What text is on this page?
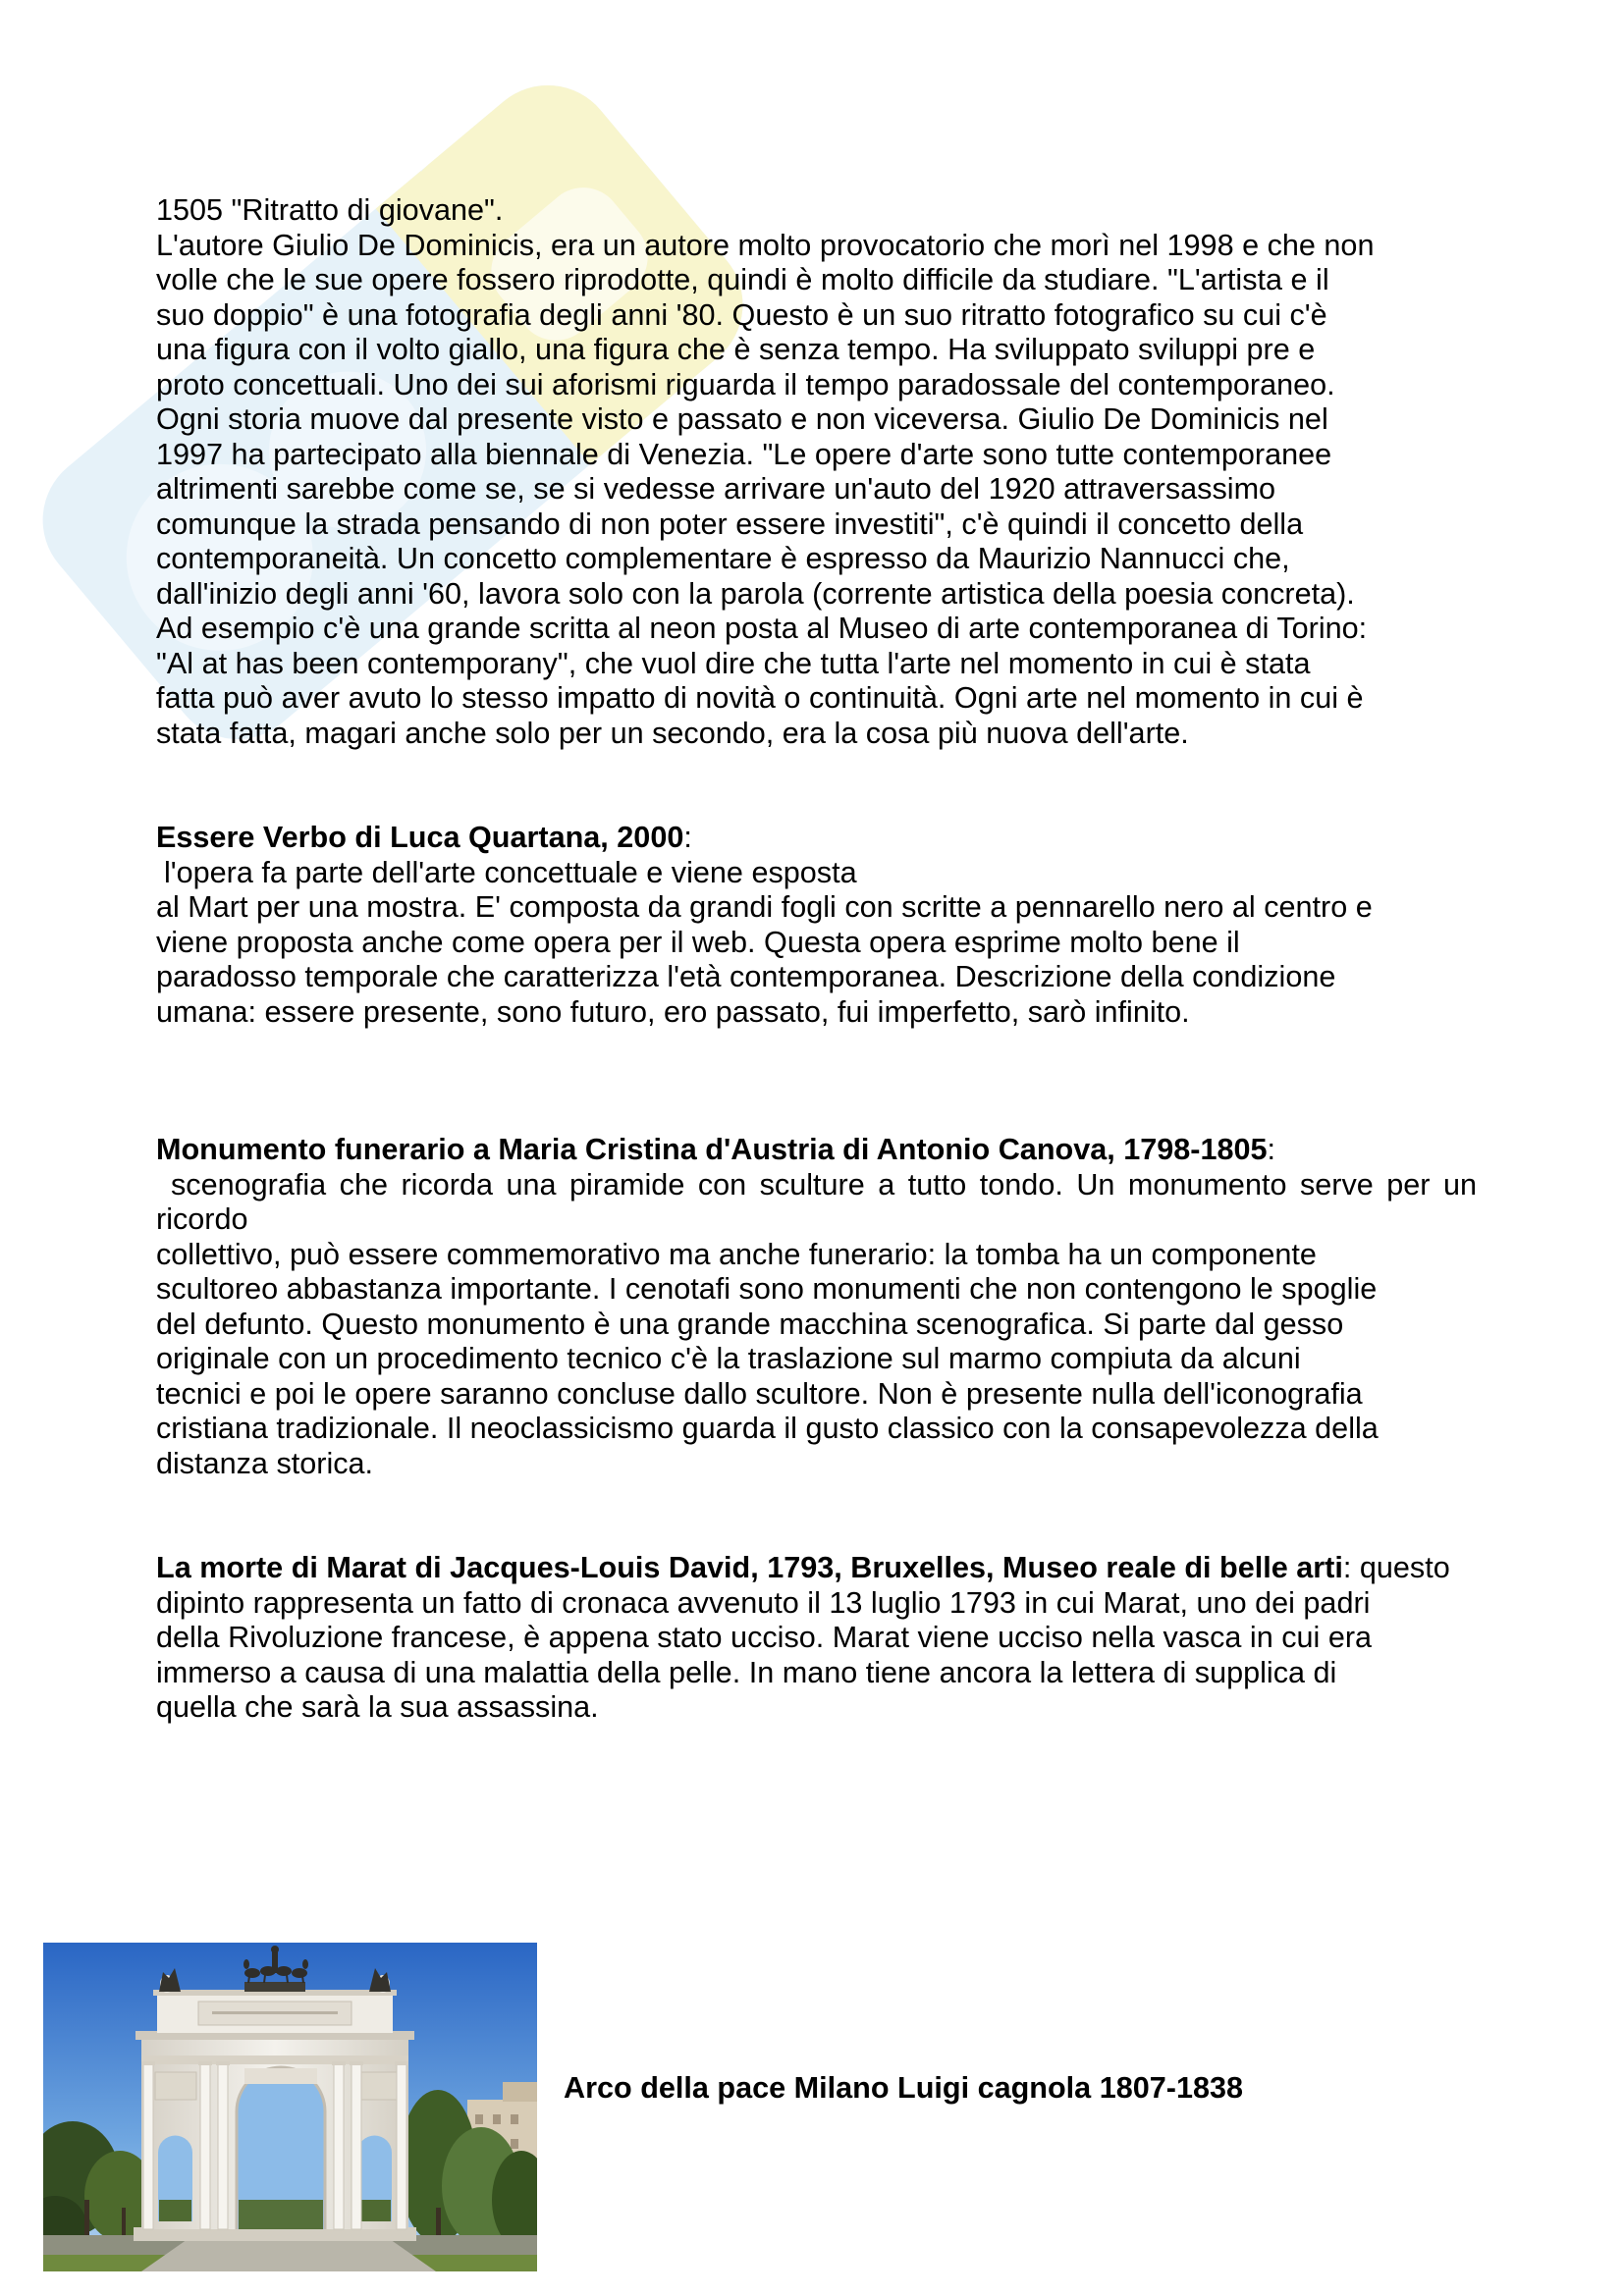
1505 "Ritratto di giovane".
L'autore Giulio De Dominicis, era un autore molto provocatorio che morì nel 1998 e che non
volle che le sue opere fossero riprodotte, quindi è molto difficile da studiare. "L'artista e il
suo doppio" è una fotografia degli anni '80. Questo è un suo ritratto fotografico su cui c'è
una figura con il volto giallo, una figura che è senza tempo. Ha sviluppato sviluppi pre e
proto concettuali. Uno dei sui aforismi riguarda il tempo paradossale del contemporaneo.
Ogni storia muove dal presente visto e passato e non viceversa. Giulio De Dominicis nel
1997 ha partecipato alla biennale di Venezia. "Le opere d'arte sono tutte contemporanee
altrimenti sarebbe come se, se si vedesse arrivare un'auto del 1920 attraversassimo
comunque la strada pensando di non poter essere investiti", c'è quindi il concetto della
contemporaneità. Un concetto complementare è espresso da Maurizio Nannucci che,
dall'inizio degli anni '60, lavora solo con la parola (corrente artistica della poesia concreta).
Ad esempio c'è una grande scritta al neon posta al Museo di arte contemporanea di Torino:
"Al at has been contemporany", che vuol dire che tutta l'arte nel momento in cui è stata
fatta può aver avuto lo stesso impatto di novità o continuità. Ogni arte nel momento in cui è
stata fatta, magari anche solo per un secondo, era la cosa più nuova dell'arte.
Essere Verbo di Luca Quartana, 2000:
l'opera fa parte dell'arte concettuale e viene esposta
al Mart per una mostra. E' composta da grandi fogli con scritte a pennarello nero al centro e
viene proposta anche come opera per il web. Questa opera esprime molto bene il
paradosso temporale che caratterizza l'età contemporanea. Descrizione della condizione
umana: essere presente, sono futuro, ero passato, fui imperfetto, sarò infinito.
Monumento funerario a Maria Cristina d'Austria di Antonio Canova, 1798-1805:
scenografia che ricorda una piramide con sculture a tutto tondo. Un monumento serve per un
ricordo
collettivo, può essere commemorativo ma anche funerario: la tomba ha un componente
scultoreo abbastanza importante. I cenotafi sono monumenti che non contengono le spoglie
del defunto. Questo monumento è una grande macchina scenografica. Si parte dal gesso
originale con un procedimento tecnico c'è la traslazione sul marmo compiuta da alcuni
tecnici e poi le opere saranno concluse dallo scultore. Non è presente nulla dell'iconografia
cristiana tradizionale. Il neoclassicismo guarda il gusto classico con la consapevolezza della
distanza storica.
La morte di Marat di Jacques-Louis David, 1793, Bruxelles, Museo reale di belle arti: questo
dipinto rappresenta un fatto di cronaca avvenuto il 13 luglio 1793 in cui Marat, uno dei padri
della Rivoluzione francese, è appena stato ucciso. Marat viene ucciso nella vasca in cui era
immerso a causa di una malattia della pelle. In mano tiene ancora la lettera di supplica di
quella che sarà la sua assassina.
Arco della pace Milano Luigi cagnola 1807-1838
